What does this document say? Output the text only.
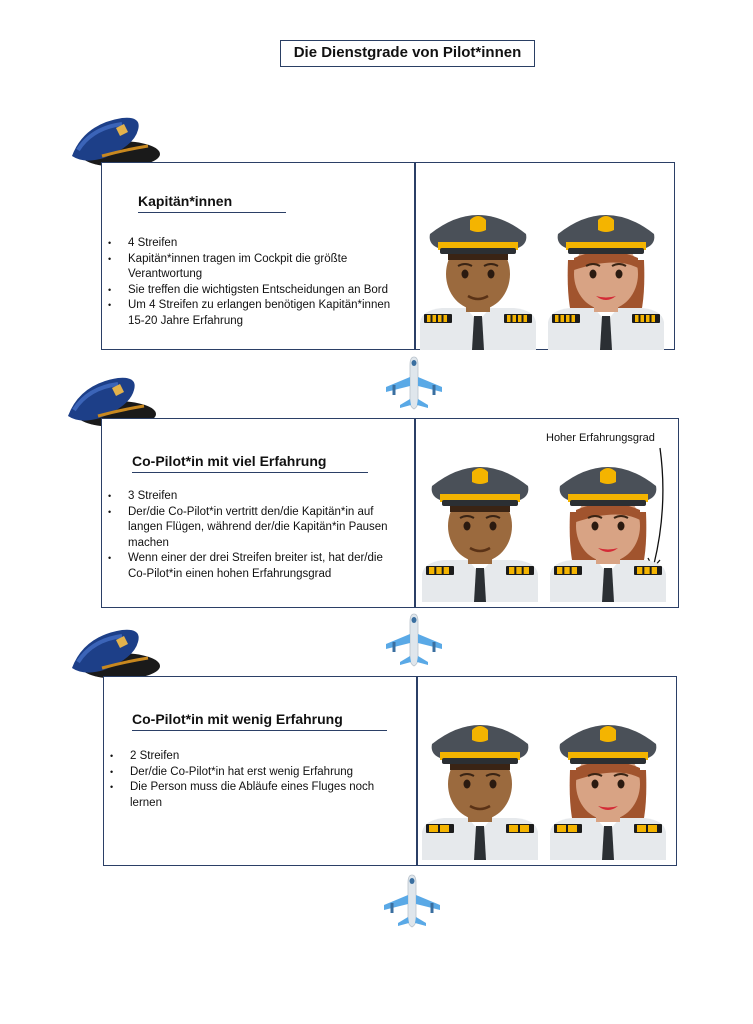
Die Dienstgrade von Pilot*innen
Kapitän*innen
• 4 Streifen
• Kapitän*innen tragen im Cockpit die größte Verantwortung
• Sie treffen die wichtigsten Entscheidungen an Bord
• Um 4 Streifen zu erlangen benötigen Kapitän*innen 15-20 Jahre Erfahrung
Co-Pilot*in mit viel Erfahrung
• 3 Streifen
• Der/die Co-Pilot*in vertritt den/die Kapitän*in auf langen Flügen, während der/die Kapitän*in Pausen machen
• Wenn einer der drei Streifen breiter ist, hat der/die Co-Pilot*in einen hohen Erfahrungsgrad
Hoher Erfahrungsgrad
Co-Pilot*in mit wenig Erfahrung
• 2 Streifen
• Der/die Co-Pilot*in hat erst wenig Erfahrung
• Die Person muss die Abläufe eines Fluges noch lernen
